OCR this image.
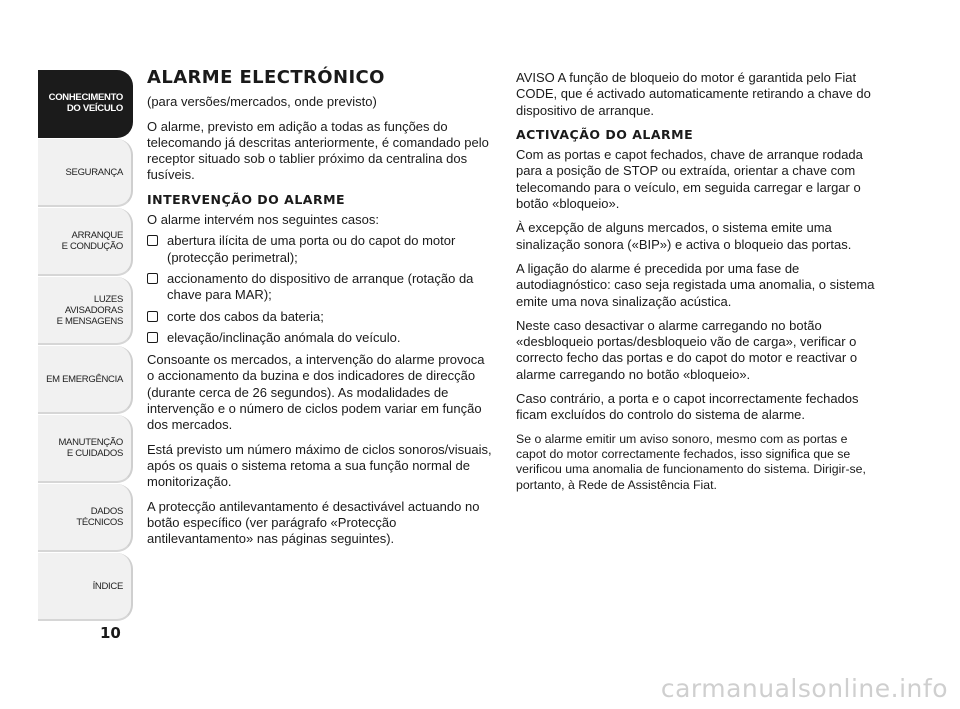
CONHECIMENTO
DO VEÍCULO
SEGURANÇA
ARRANQUE
E CONDUÇÃO
LUZES
AVISADORAS
E MENSAGENS
EM EMERGÊNCIA
MANUTENÇÃO
E CUIDADOS
DADOS
TÉCNICOS
ÍNDICE
10
ALARME ELECTRÓNICO

(para versões/mercados, onde previsto)

O alarme, previsto em adição a todas as funções do telecomando já descritas anteriormente, é comandado pelo receptor situado sob o tablier próximo da centralina dos fusíveis.

INTERVENÇÃO DO ALARME

O alarme intervém nos seguintes casos:

abertura ilícita de uma porta ou do capot do motor (protecção perimetral);
accionamento do dispositivo de arranque (rotação da chave para MAR);
corte dos cabos da bateria;
elevação/inclinação anómala do veículo.

Consoante os mercados, a intervenção do alarme provoca o accionamento da buzina e dos indicadores de direcção (durante cerca de 26 segundos). As modalidades de intervenção e o número de ciclos podem variar em função dos mercados.

Está previsto um número máximo de ciclos sonoros/visuais, após os quais o sistema retoma a sua função normal de monitorização.

A protecção antilevantamento é desactivável actuando no botão específico (ver parágrafo «Protecção antilevantamento» nas páginas seguintes).

AVISO A função de bloqueio do motor é garantida pelo Fiat CODE, que é activado automaticamente retirando a chave do dispositivo de arranque.

ACTIVAÇÃO DO ALARME

Com as portas e capot fechados, chave de arranque rodada para a posição de STOP ou extraída, orientar a chave com telecomando para o veículo, em seguida carregar e largar o botão «bloqueio».

À excepção de alguns mercados, o sistema emite uma sinalização sonora («BIP») e activa o bloqueio das portas.

A ligação do alarme é precedida por uma fase de autodiagnóstico: caso seja registada uma anomalia, o sistema emite uma nova sinalização acústica.

Neste caso desactivar o alarme carregando no botão «desbloqueio portas/desbloqueio vão de carga», verificar o correcto fecho das portas e do capot do motor e reactivar o alarme carregando no botão «bloqueio».

Caso contrário, a porta e o capot incorrectamente fechados ficam excluídos do controlo do sistema de alarme.

Se o alarme emitir um aviso sonoro, mesmo com as portas e capot do motor correctamente fechados, isso significa que se verificou uma anomalia de funcionamento do sistema. Dirigir-se, portanto, à Rede de Assistência Fiat.

carmanualsonline.info
